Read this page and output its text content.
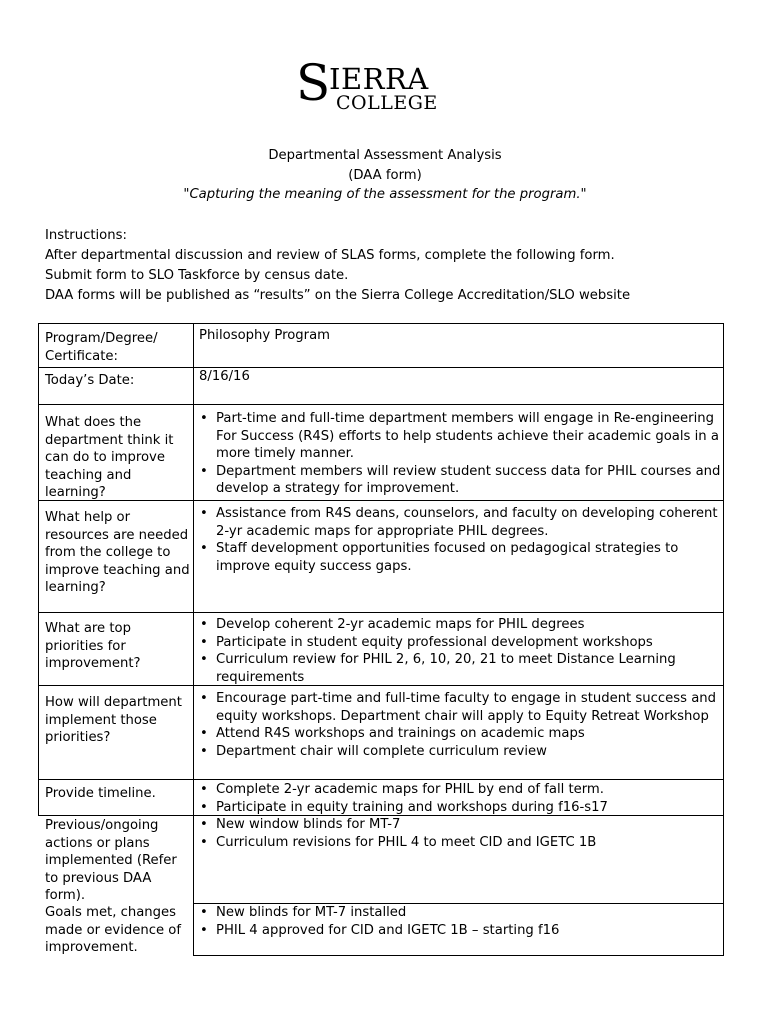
S
IERRA
COLLEGE
Departmental Assessment Analysis
(DAA form)
"Capturing the meaning of the assessment for the program."
Instructions:
After departmental discussion and review of SLAS forms, complete the following form.
Submit form to SLO Taskforce by census date.
DAA forms will be published as “results” on the Sierra College Accreditation/SLO website
Program/Degree/ Certificate:
Philosophy Program
Today’s Date:	8/16/16
What does the department think it can do to improve teaching and learning?
• Part-time and full-time department members will engage in Re-engineering For Success (R4S) efforts to help students achieve their academic goals in a more timely manner.
• Department members will review student success data for PHIL courses and develop a strategy for improvement.
What help or resources are needed from the college to improve teaching and learning?
• Assistance from R4S deans, counselors, and faculty on developing coherent 2-yr academic maps for appropriate PHIL degrees.
• Staff development opportunities focused on pedagogical strategies to improve equity success gaps.
What are top priorities for improvement?
• Develop coherent 2-yr academic maps for PHIL degrees
• Participate in student equity professional development workshops
• Curriculum review for PHIL 2, 6, 10, 20, 21 to meet Distance Learning requirements
How will department implement those priorities?
• Encourage part-time and full-time faculty to engage in student success and equity workshops. Department chair will apply to Equity Retreat Workshop
• Attend R4S workshops and trainings on academic maps
• Department chair will complete curriculum review
Provide timeline.	• Complete 2-yr academic maps for PHIL by end of fall term.
• Participate in equity training and workshops during f16-s17
Previous/ongoing actions or plans implemented (Refer to previous DAA form).
• New window blinds for MT-7
• Curriculum revisions for PHIL 4 to meet CID and IGETC 1B
Goals met, changes made or evidence of improvement.
• New blinds for MT-7 installed
• PHIL 4 approved for CID and IGETC 1B – starting f16
